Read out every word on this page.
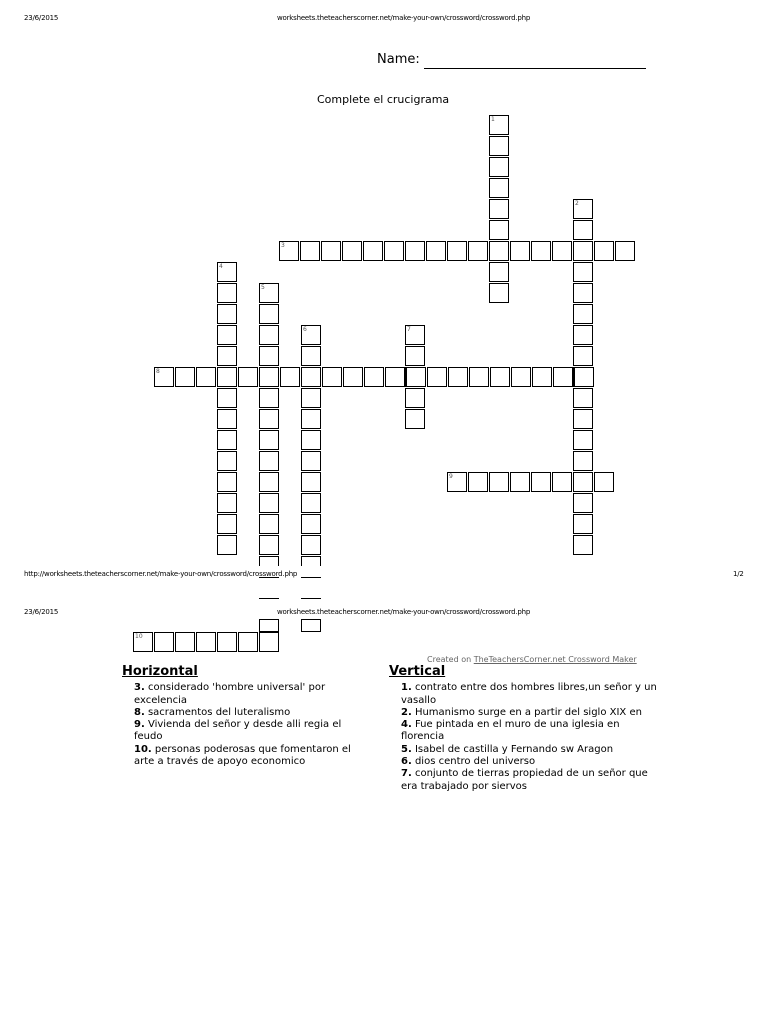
23/6/2015	worksheets.theteacherscorner.net/make-your-own/crossword/crossword.php
Name:
Complete el crucigrama
1
2
3
4
5
6	7
8
9
10
http://worksheets.theteacherscorner.net/make-your-own/crossword/crossword.php	1/2
23/6/2015	worksheets.theteacherscorner.net/make-your-own/crossword/crossword.php
Created on TheTeachersCorner.net Crossword Maker
Horizontal
3. considerado 'hombre universal' por excelencia
8. sacramentos del luteralismo
9. Vivienda del señor y desde alli regia el feudo
10. personas poderosas que fomentaron el arte a través de apoyo economico
Vertical
1. contrato entre dos hombres libres,un señor y un vasallo
2. Humanismo surge en a partir del siglo XIX en
4. Fue pintada en el muro de una iglesia en florencia
5. Isabel de castilla y Fernando sw Aragon
6. dios centro del universo
7. conjunto de tierras propiedad de un señor que era trabajado por siervos
